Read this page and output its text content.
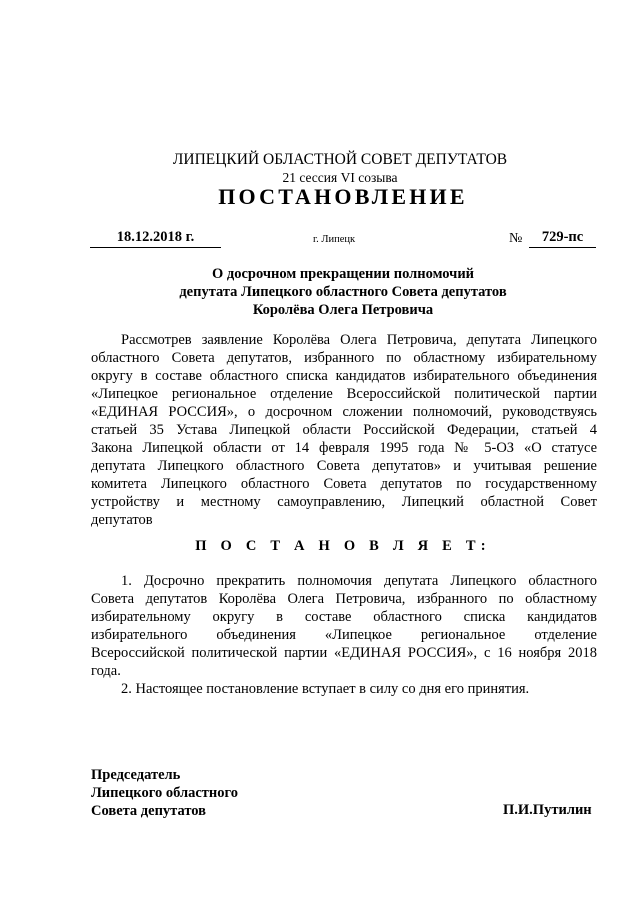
ЛИПЕЦКИЙ ОБЛАСТНОЙ СОВЕТ ДЕПУТАТОВ
21 сессия VI созыва
ПОСТАНОВЛЕНИЕ
18.12.2018 г.	г. Липецк	№	729-пс
О досрочном прекращении полномочий
депутата Липецкого областного Совета депутатов
Королёва Олега Петровича
Рассмотрев заявление Королёва Олега Петровича, депутата Липецкого
областного Совета депутатов, избранного по областному избирательному
округу в составе областного списка кандидатов избирательного объединения
«Липецкое региональное отделение Всероссийской политической партии
«ЕДИНАЯ РОССИЯ», о досрочном сложении полномочий, руководствуясь
статьей 35 Устава Липецкой области Российской Федерации, статьей 4
Закона Липецкой области от 14 февраля 1995 года № 5-ОЗ «О статусе
депутата Липецкого областного Совета депутатов» и учитывая решение
комитета Липецкого областного Совета депутатов по государственному
устройству и местному самоуправлению, Липецкий областной Совет
депутатов
П О С Т А Н О В Л Я Е Т:
1. Досрочно прекратить полномочия депутата Липецкого областного
Совета депутатов Королёва Олега Петровича, избранного по областному
избирательному округу в составе областного списка кандидатов
избирательного объединения «Липецкое региональное отделение
Всероссийской политической партии «ЕДИНАЯ РОССИЯ», с 16 ноября 2018
года.
2. Настоящее постановление вступает в силу со дня его принятия.
Председатель
Липецкого областного
Совета депутатов	П.И.Путилин
